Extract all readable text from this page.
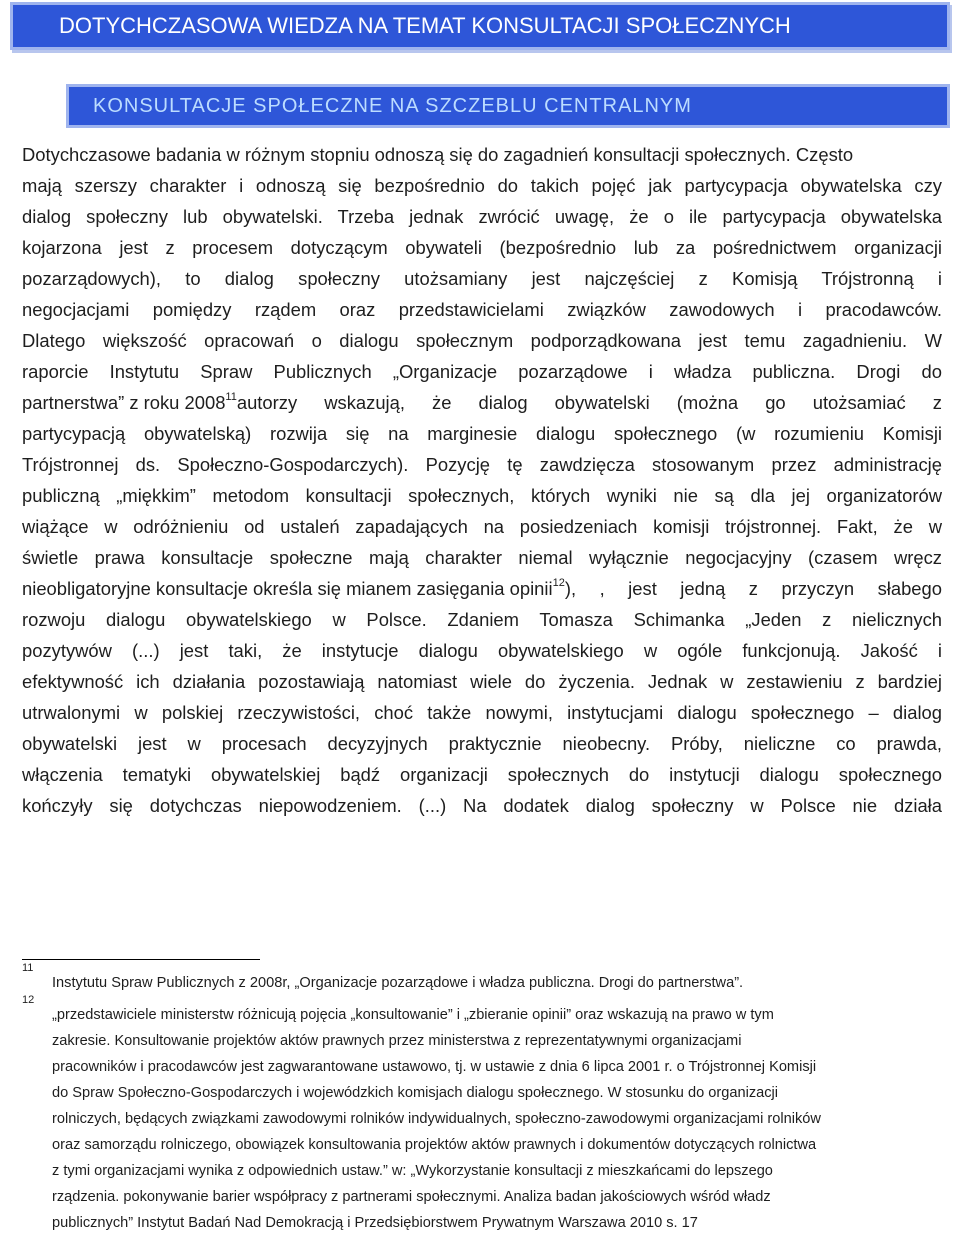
DOTYCHCZASOWA WIEDZA NA TEMAT KONSULTACJI SPOŁECZNYCH
KONSULTACJE SPOŁECZNE NA SZCZEBLU CENTRALNYM
Dotychczasowe badania w różnym stopniu odnoszą się do zagadnień konsultacji społecznych. Często
mają szerszy charakter i odnoszą się bezpośrednio do takich pojęć jak partycypacja obywatelska czy
dialog społeczny lub obywatelski. Trzeba jednak zwrócić uwagę, że o ile partycypacja obywatelska
kojarzona jest z procesem dotyczącym obywateli (bezpośrednio lub za pośrednictwem organizacji
pozarządowych), to dialog społeczny utożsamiany jest najczęściej z Komisją Trójstronną i
negocjacjami pomiędzy rządem oraz przedstawicielami związków zawodowych i pracodawców.
Dlatego większość opracowań o dialogu społecznym podporządkowana jest temu zagadnieniu. W
raporcie Instytutu Spraw Publicznych „Organizacje pozarządowe i władza publiczna. Drogi do
partnerstwa” z roku 2008$^{11}$ autorzy wskazują, że dialog obywatelski (można go utożsamiać z
partycypacją obywatelską) rozwija się na marginesie dialogu społecznego (w rozumieniu Komisji
Trójstronnej ds. Społeczno-Gospodarczych). Pozycję tę zawdzięcza stosowanym przez administrację
publiczną „miękkim” metodom konsultacji społecznych, których wyniki nie są dla jej organizatorów
wiążące w odróżnieniu od ustaleń zapadających na posiedzeniach komisji trójstronnej. Fakt, że w
świetle prawa konsultacje społeczne mają charakter niemal wyłącznie negocjacyjny (czasem wręcz
nieobligatoryjne konsultacje określa się mianem zasięgania opinii$^{12}$ ), , jest jedną z przyczyn słabego
rozwoju dialogu obywatelskiego w Polsce. Zdaniem Tomasza Schimanka „Jeden z nielicznych
pozytywów (...) jest taki, że instytucje dialogu obywatelskiego w ogóle funkcjonują. Jakość i
efektywność ich działania pozostawiają natomiast wiele do życzenia. Jednak w zestawieniu z bardziej
utrwalonymi w polskiej rzeczywistości, choć także nowymi, instytucjami dialogu społecznego – dialog
obywatelski jest w procesach decyzyjnych praktycznie nieobecny. Próby, nieliczne co prawda,
włączenia tematyki obywatelskiej bądź organizacji społecznych do instytucji dialogu społecznego
kończyły się dotychczas niepowodzeniem. (...) Na dodatek dialog społeczny w Polsce nie działa
11
Instytutu Spraw Publicznych z 2008r, „Organizacje pozarządowe i władza publiczna. Drogi do partnerstwa”.
12
„przedstawiciele ministerstw różnicują pojęcia „konsultowanie” i „zbieranie opinii” oraz wskazują na prawo w tym
zakresie. Konsultowanie projektów aktów prawnych przez ministerstwa z reprezentatywnymi organizacjami
pracowników i pracodawców jest zagwarantowane ustawowo, tj. w ustawie z dnia 6 lipca 2001 r. o Trójstronnej Komisji
do Spraw Społeczno-Gospodarczych i wojewódzkich komisjach dialogu społecznego. W stosunku do organizacji
rolniczych, będących związkami zawodowymi rolników indywidualnych, społeczno-zawodowymi organizacjami rolników
oraz samorządu rolniczego, obowiązek konsultowania projektów aktów prawnych i dokumentów dotyczących rolnictwa
z tymi organizacjami wynika z odpowiednich ustaw.” w: „Wykorzystanie konsultacji z mieszkańcami do lepszego
rządzenia. pokonywanie barier współpracy z partnerami społecznymi. Analiza badan jakościowych wśród władz
publicznych” Instytut Badań Nad Demokracją i Przedsiębiorstwem Prywatnym Warszawa 2010 s. 17
